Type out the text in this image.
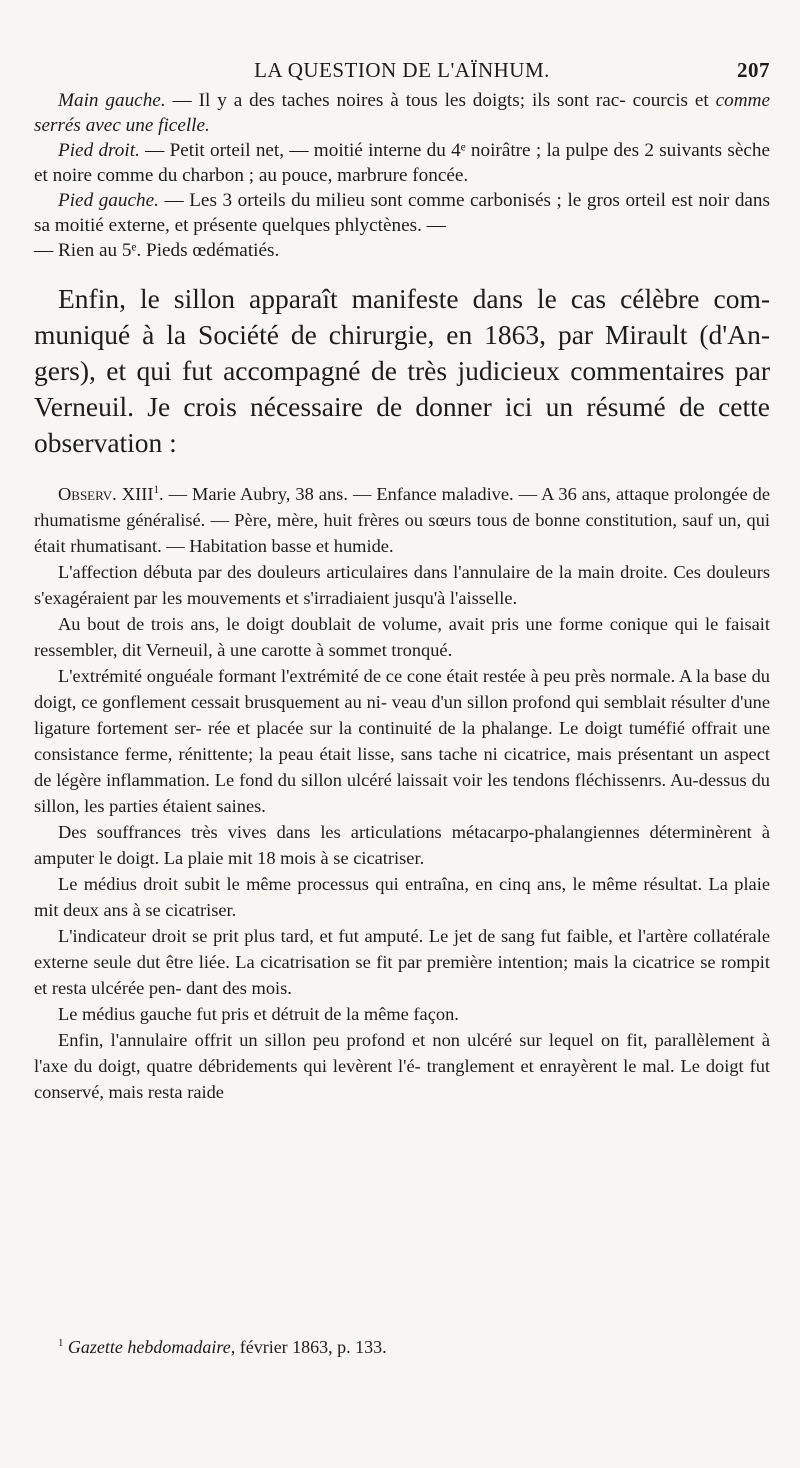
LA QUESTION DE L'AÏNHUM.	207

Main gauche. — Il y a des taches noires à tous les doigts; ils sont rac- courcis et comme serrés avec une ficelle.

Pied droit. — Petit orteil net, — moitié interne du 4ᵉ noirâtre ; la pulpe des 2 suivants sèche et noire comme du charbon ; au pouce, marbrure foncée.

Pied gauche. — Les 3 orteils du milieu sont comme carbonisés ; le gros orteil est noir dans sa moitié externe, et présente quelques phlyctènes. —

— Rien au 5ᵉ. Pieds œdématiés.

Enfin, le sillon apparaît manifeste dans le cas célèbre com- muniqué à la Société de chirurgie, en 1863, par Mirault (d'An- gers), et qui fut accompagné de très judicieux commentaires par Verneuil. Je crois nécessaire de donner ici un résumé de cette observation :

Observ. XIII$^1$. — Marie Aubry, 38 ans. — Enfance maladive. — A 36 ans, attaque prolongée de rhumatisme généralisé. — Père, mère, huit frères ou sœurs tous de bonne constitution, sauf un, qui était rhumatisant. — Habitation basse et humide.

L'affection débuta par des douleurs articulaires dans l'annulaire de la main droite. Ces douleurs s'exagéraient par les mouvements et s'irradiaient jusqu'à l'aisselle.

Au bout de trois ans, le doigt doublait de volume, avait pris une forme conique qui le faisait ressembler, dit Verneuil, à une carotte à sommet tronqué.

L'extrémité onguéale formant l'extrémité de ce cone était restée à peu près normale. A la base du doigt, ce gonflement cessait brusquement au ni- veau d'un sillon profond qui semblait résulter d'une ligature fortement ser- rée et placée sur la continuité de la phalange. Le doigt tuméfié offrait une consistance ferme, rénittente; la peau était lisse, sans tache ni cicatrice, mais présentant un aspect de légère inflammation. Le fond du sillon ulcéré laissait voir les tendons fléchissenrs. Au-dessus du sillon, les parties étaient saines.

Des souffrances très vives dans les articulations métacarpo-phalangiennes déterminèrent à amputer le doigt. La plaie mit 18 mois à se cicatriser.

Le médius droit subit le même processus qui entraîna, en cinq ans, le même résultat. La plaie mit deux ans à se cicatriser.

L'indicateur droit se prit plus tard, et fut amputé. Le jet de sang fut faible, et l'artère collatérale externe seule dut être liée. La cicatrisation se fit par première intention; mais la cicatrice se rompit et resta ulcérée pen- dant des mois.

Le médius gauche fut pris et détruit de la même façon.

Enfin, l'annulaire offrit un sillon peu profond et non ulcéré sur lequel on fit, parallèlement à l'axe du doigt, quatre débridements qui levèrent l'é- tranglement et enrayèrent le mal. Le doigt fut conservé, mais resta raide

$^1$ Gazette hebdomadaire, février 1863, p. 133.
